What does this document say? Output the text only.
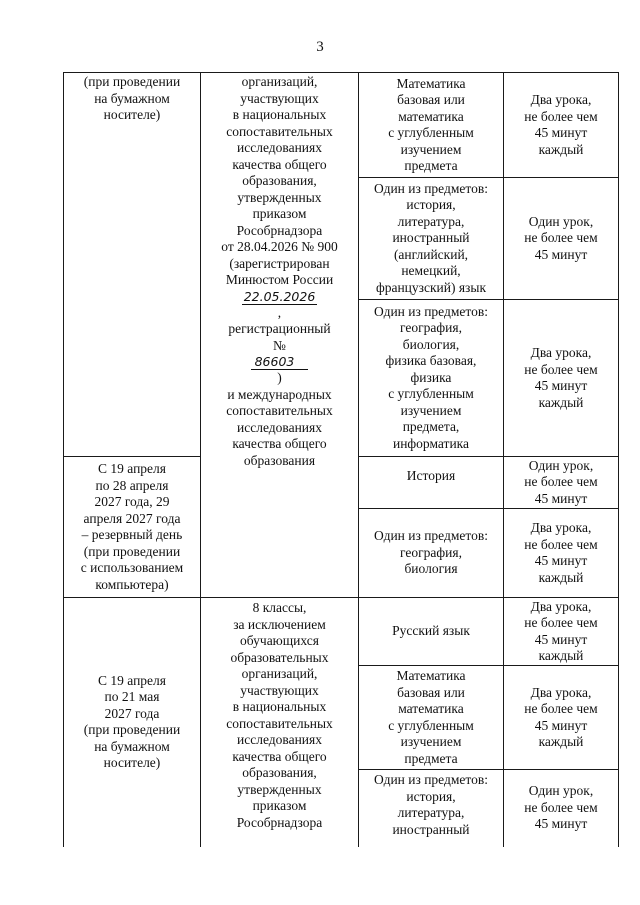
3
(при проведении
на бумажном
носителе)
организаций,
участвующих
в национальных
сопоставительных
исследованиях
качества общего
образования,
утвержденных
приказом
Рособрнадзора
от 28.04.2026 № 900
(зарегистрирован
Минюстом России
22.05.2026
,
регистрационный
№
86603
)
и международных
сопоставительных
исследованиях
качества общего
образования
Математика
базовая или
математика
с углубленным
изучением
предмета
Два урока,
не более чем
45 минут
каждый
Один из предметов:
история,
литература,
иностранный
(английский,
немецкий,
французский) язык
Один урок,
не более чем
45 минут
Один из предметов:
география,
биология,
физика базовая,
физика
с углубленным
изучением
предмета,
информатика
Два урока,
не более чем
45 минут
каждый
С 19 апреля
по 28 апреля
2027 года, 29
апреля 2027 года
– резервный день
(при проведении
с использованием
компьютера)
История
Один урок,
не более чем
45 минут
Один из предметов:
география,
биология
Два урока,
не более чем
45 минут
каждый
С 19 апреля
по 21 мая
2027 года
(при проведении
на бумажном
носителе)
8 классы,
за исключением
обучающихся
образовательных
организаций,
участвующих
в национальных
сопоставительных
исследованиях
качества общего
образования,
утвержденных
приказом
Рособрнадзора
Русский язык
Два урока,
не более чем
45 минут
каждый
Математика
базовая или
математика
с углубленным
изучением
предмета
Два урока,
не более чем
45 минут
каждый
Один из предметов:
история,
литература,
иностранный
Один урок,
не более чем
45 минут
